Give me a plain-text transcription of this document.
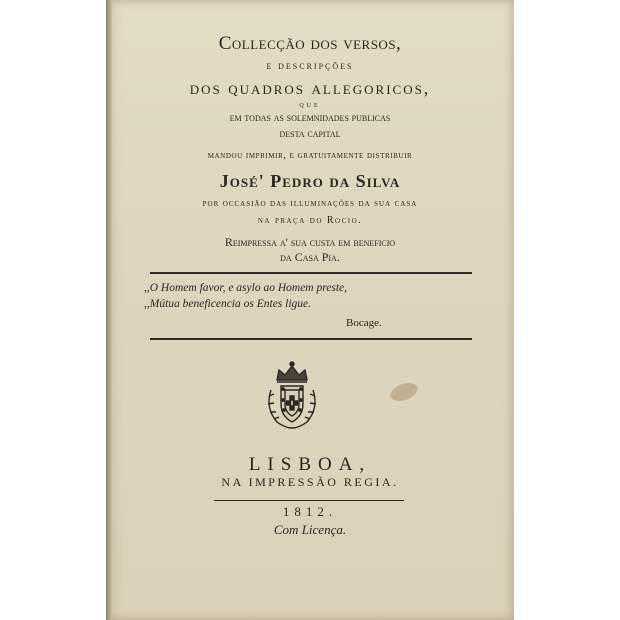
Collecção dos versos,
e descripções
dos quadros allegoricos,
que
em todas as solemnidades publicas
desta capital
mandou imprimir, e gratuitamente distribuir
José' Pedro da Silva
por occasião das illuminações da sua casa
na praça do Rocio.
Reimpressa a' sua custa em beneficio
da Casa Pia.
,,O Homem favor, e asylo ao Homem preste,
,,Mútua beneficencia os Entes ligue.
Bocage.
LISBOA,
NA IMPRESSÃO REGIA.
1812.
Com Licença.
